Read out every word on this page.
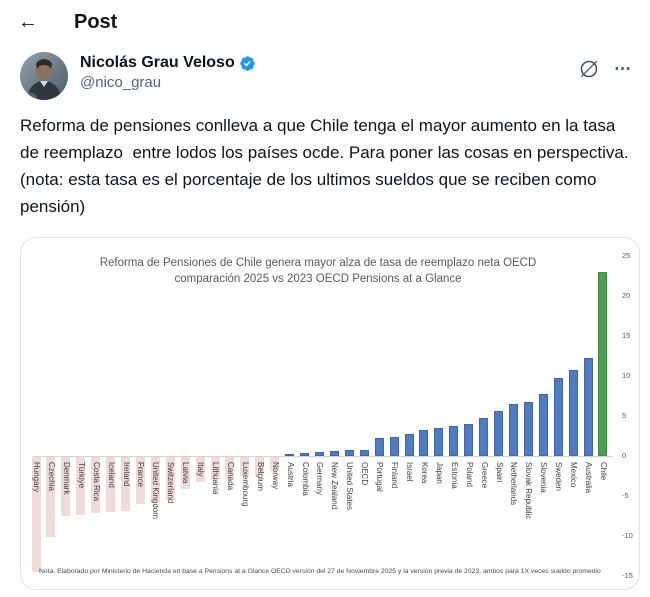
←	Post
Nicolás Grau Veloso
@nico_grau
⋯
Reforma de pensiones conlleva a que Chile tenga el mayor aumento en la tasa de reemplazo  entre lodos los países ocde. Para poner las cosas en perspectiva. (nota: esta tasa es el porcentaje de los ultimos sueldos que se reciben como pensión)
Reforma de Pensiones de Chile genera mayor alza de tasa de reemplazo neta OECD
comparación 2025 vs 2023 OECD Pensions at a Glance
Hungary Czechia Denmark Türkiye Costa Rica Iceland Ireland France United Kingdom Switzerland Latvia Italy Lithuania Canada Luxembourg Belgium Norway Austria Colombia Germany New Zealand United States OECD Portugal Finland Israel Korea Japan Estonia Poland Greece Spain Netherlands Slovak Republic Slovenia Sweden Mexico Australia Chile
25
20
15
10
5
0
-5
-10
-15
Nota. Elaborado por Ministerio de Hacienda en base a Pensions at a Glance OECD versión del 27 de Noviembre 2025 y la versión previa de 2023, ambos para 1X veces sueldo promedio
